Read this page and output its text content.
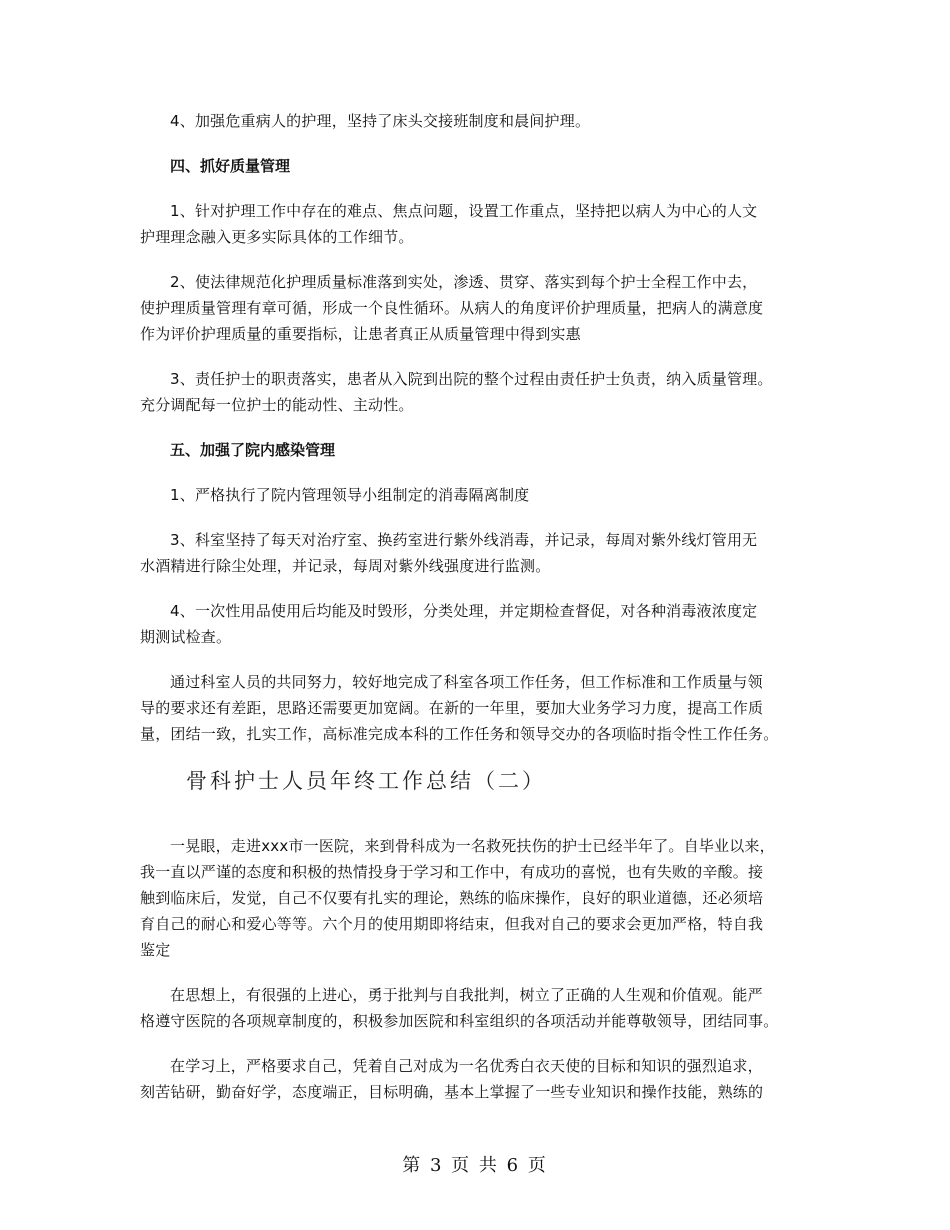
4、加强危重病人的护理，坚持了床头交接班制度和晨间护理。

四、抓好质量管理

1、针对护理工作中存在的难点、焦点问题，设置工作重点，坚持把以病人为中心的人文
护理理念融入更多实际具体的工作细节。

2、使法律规范化护理质量标准落到实处，渗透、贯穿、落实到每个护士全程工作中去，
使护理质量管理有章可循，形成一个良性循环。从病人的角度评价护理质量，把病人的满意度
作为评价护理质量的重要指标，让患者真正从质量管理中得到实惠

3、责任护士的职责落实，患者从入院到出院的整个过程由责任护士负责，纳入质量管理。
充分调配每一位护士的能动性、主动性。

五、加强了院内感染管理

1、严格执行了院内管理领导小组制定的消毒隔离制度

3、科室坚持了每天对治疗室、换药室进行紫外线消毒，并记录，每周对紫外线灯管用无
水酒精进行除尘处理，并记录，每周对紫外线强度进行监测。

4、一次性用品使用后均能及时毁形，分类处理，并定期检查督促，对各种消毒液浓度定
期测试检查。

通过科室人员的共同努力，较好地完成了科室各项工作任务，但工作标准和工作质量与领
导的要求还有差距，思路还需要更加宽阔。在新的一年里，要加大业务学习力度，提高工作质
量，团结一致，扎实工作，高标准完成本科的工作任务和领导交办的各项临时指令性工作任务。

骨科护士人员年终工作总结（二）

一晃眼，走进xxx市一医院，来到骨科成为一名救死扶伤的护士已经半年了。自毕业以来，
我一直以严谨的态度和积极的热情投身于学习和工作中，有成功的喜悦，也有失败的辛酸。接
触到临床后，发觉，自己不仅要有扎实的理论，熟练的临床操作，良好的职业道德，还必须培
育自己的耐心和爱心等等。六个月的使用期即将结束，但我对自己的要求会更加严格，特自我
鉴定

在思想上，有很强的上进心，勇于批判与自我批判，树立了正确的人生观和价值观。能严
格遵守医院的各项规章制度的，积极参加医院和科室组织的各项活动并能尊敬领导，团结同事。

在学习上，严格要求自己，凭着自己对成为一名优秀白衣天使的目标和知识的强烈追求，
刻苦钻研，勤奋好学，态度端正，目标明确，基本上掌握了一些专业知识和操作技能，熟练的

第 3 页 共 6 页
